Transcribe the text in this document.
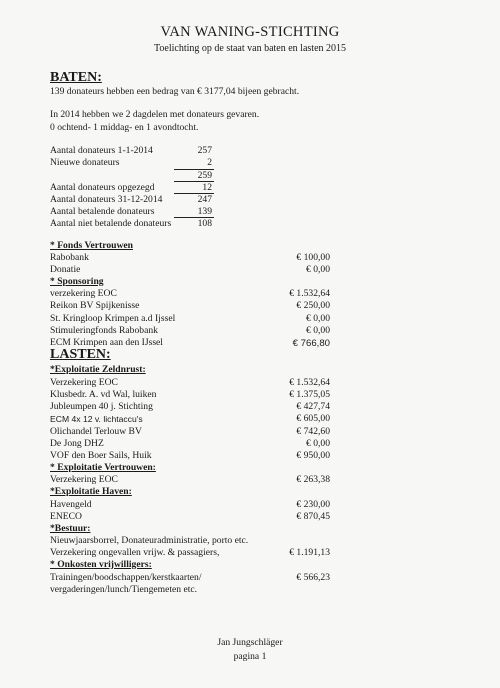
VAN WANING-STICHTING
Toelichting op de staat van baten en lasten 2015
BATEN:
139 donateurs hebben een bedrag van € 3177,04 bijeen gebracht.
In 2014 hebben we 2 dagdelen met donateurs gevaren.
0 ochtend- 1 middag- en 1 avondtocht.
Aantal donateurs 1-1-2014	257
Nieuwe donateurs	2
259
Aantal donateurs opgezegd	12
Aantal donateurs 31-12-2014	247
Aantal betalende donateurs	139
Aantal niet betalende donateurs	108
* Fonds Vertrouwen
Rabobank	€ 100,00
Donatie	€ 0,00
* Sponsoring
verzekering EOC	€ 1.532,64
Reikon BV Spijkenisse	€ 250,00
St. Kringloop Krimpen a.d Ijssel	€ 0,00
Stimuleringfonds Rabobank	€ 0,00
ECM Krimpen aan den IJssel	€ 766,80
LASTEN:
*Exploitatie Zeldnrust:
Verzekering EOC	€ 1.532,64
Klusbedr. A. vd Wal, luiken	€ 1.375,05
Jubleumpen 40 j. Stichting	€ 427,74
ECM 4x 12 v. lichtaccu's	€ 605,00
Olichandel Terlouw BV	€ 742,60
De Jong DHZ	€ 0,00
VOF den Boer Sails, Huik	€ 950,00
* Exploitatie Vertrouwen:
Verzekering EOC	€ 263,38
*Exploitatie Haven:
Havengeld	€ 230,00
ENECO	€ 870,45
*Bestuur:
Nieuwjaarsborrel, Donateuradministratie, porto etc.
Verzekering ongevallen vrijw. & passagiers,	€ 1.191,13
* Onkosten vrijwilligers:
Trainingen/boodschappen/kerstkaarten/	€ 566,23
vergaderingen/lunch/Tiengemeten etc.
Jan Jungschläger
pagina 1
